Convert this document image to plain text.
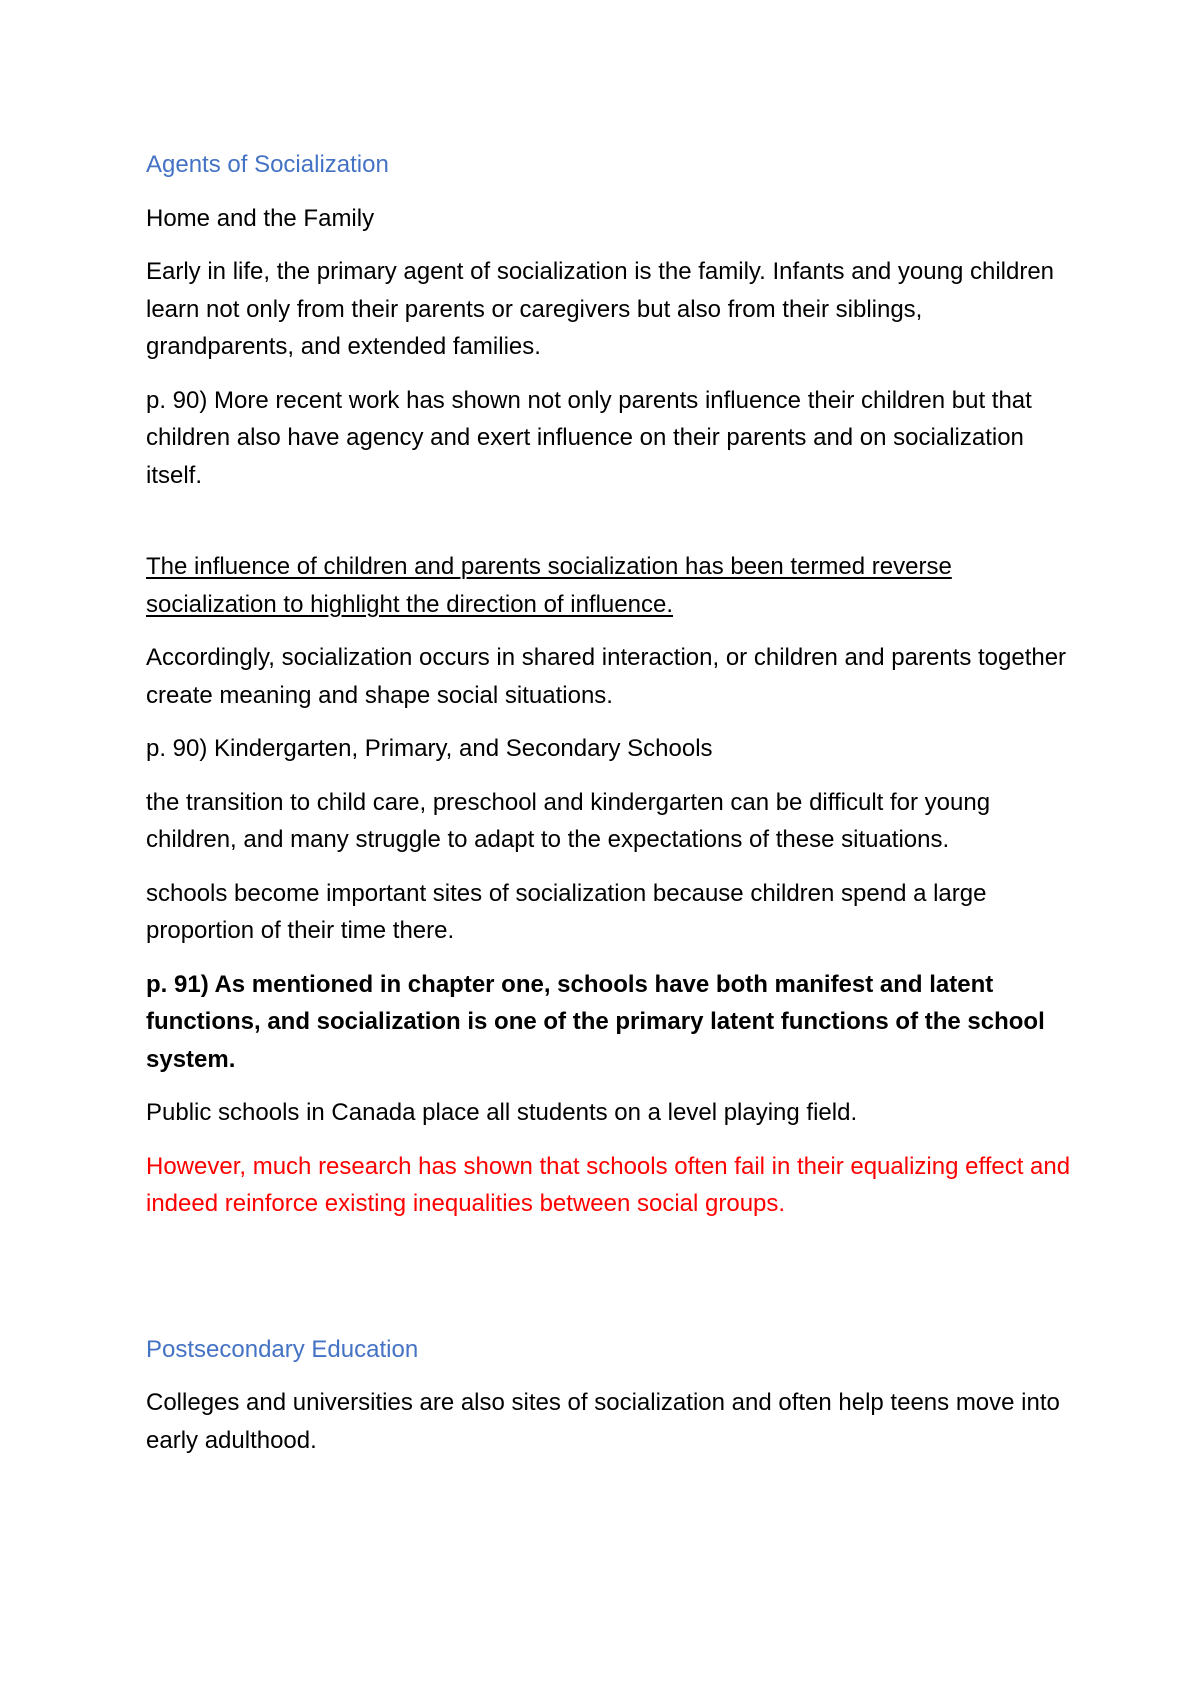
Agents of Socialization

Home and the Family

Early in life, the primary agent of socialization is the family. Infants and young children learn not only from their parents or caregivers but also from their siblings, grandparents, and extended families.

p. 90) More recent work has shown not only parents influence their children but that children also have agency and exert influence on their parents and on socialization itself.

The influence of children and parents socialization has been termed reverse socialization to highlight the direction of influence.

Accordingly, socialization occurs in shared interaction, or children and parents together create meaning and shape social situations.

p. 90) Kindergarten, Primary, and Secondary Schools

the transition to child care, preschool and kindergarten can be difficult for young children, and many struggle to adapt to the expectations of these situations.

schools become important sites of socialization because children spend a large proportion of their time there.

p. 91) As mentioned in chapter one, schools have both manifest and latent functions, and socialization is one of the primary latent functions of the school system.

Public schools in Canada place all students on a level playing field.

However, much research has shown that schools often fail in their equalizing effect and indeed reinforce existing inequalities between social groups.

Postsecondary Education

Colleges and universities are also sites of socialization and often help teens move into early adulthood.
